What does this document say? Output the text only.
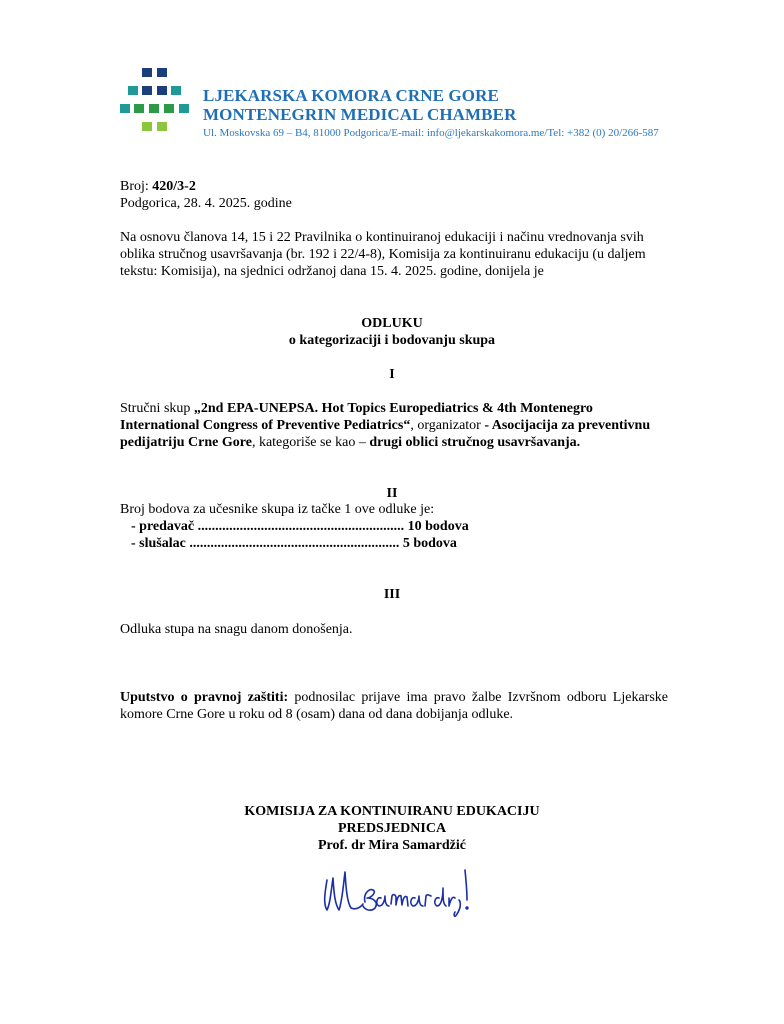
LJEKARSKA KOMORA CRNE GORE
MONTENEGRIN MEDICAL CHAMBER
Ul. Moskovska 69 – B4, 81000 Podgorica/E-mail: info@ljekarskakomora.me/Tel: +382 (0) 20/266-587

Broj: 420/3-2

Podgorica, 28. 4. 2025. godine

Na osnovu članova 14, 15 i 22 Pravilnika o kontinuiranoj edukaciji i načinu vrednovanja svih oblika stručnog usavršavanja (br. 192 i 22/4-8), Komisija za kontinuiranu edukaciju (u daljem tekstu: Komisija), na sjednici održanoj dana 15. 4. 2025. godine, donijela je

ODLUKU

o kategorizaciji i bodovanju skupa

I

Stručni skup „2nd EPA-UNEPSA. Hot Topics Europediatrics & 4th Montenegro International Congress of Preventive Pediatrics“, organizator - Asocijacija za preventivnu pedijatriju Crne Gore, kategoriše se kao – drugi oblici stručnog usavršavanja.

II

Broj bodova za učesnike skupa iz tačke 1 ove odluke je:

- predavač ........................................................... 10 bodova

- slušalac ............................................................ 5 bodova

III

Odluka stupa na snagu danom donošenja.

Uputstvo o pravnoj zaštiti: podnosilac prijave ima pravo žalbe Izvršnom odboru Ljekarske komore Crne Gore u roku od 8 (osam) dana od dana dobijanja odluke.

KOMISIJA ZA KONTINUIRANU EDUKACIJU

PREDSJEDNICA

Prof. dr Mira Samardžić
